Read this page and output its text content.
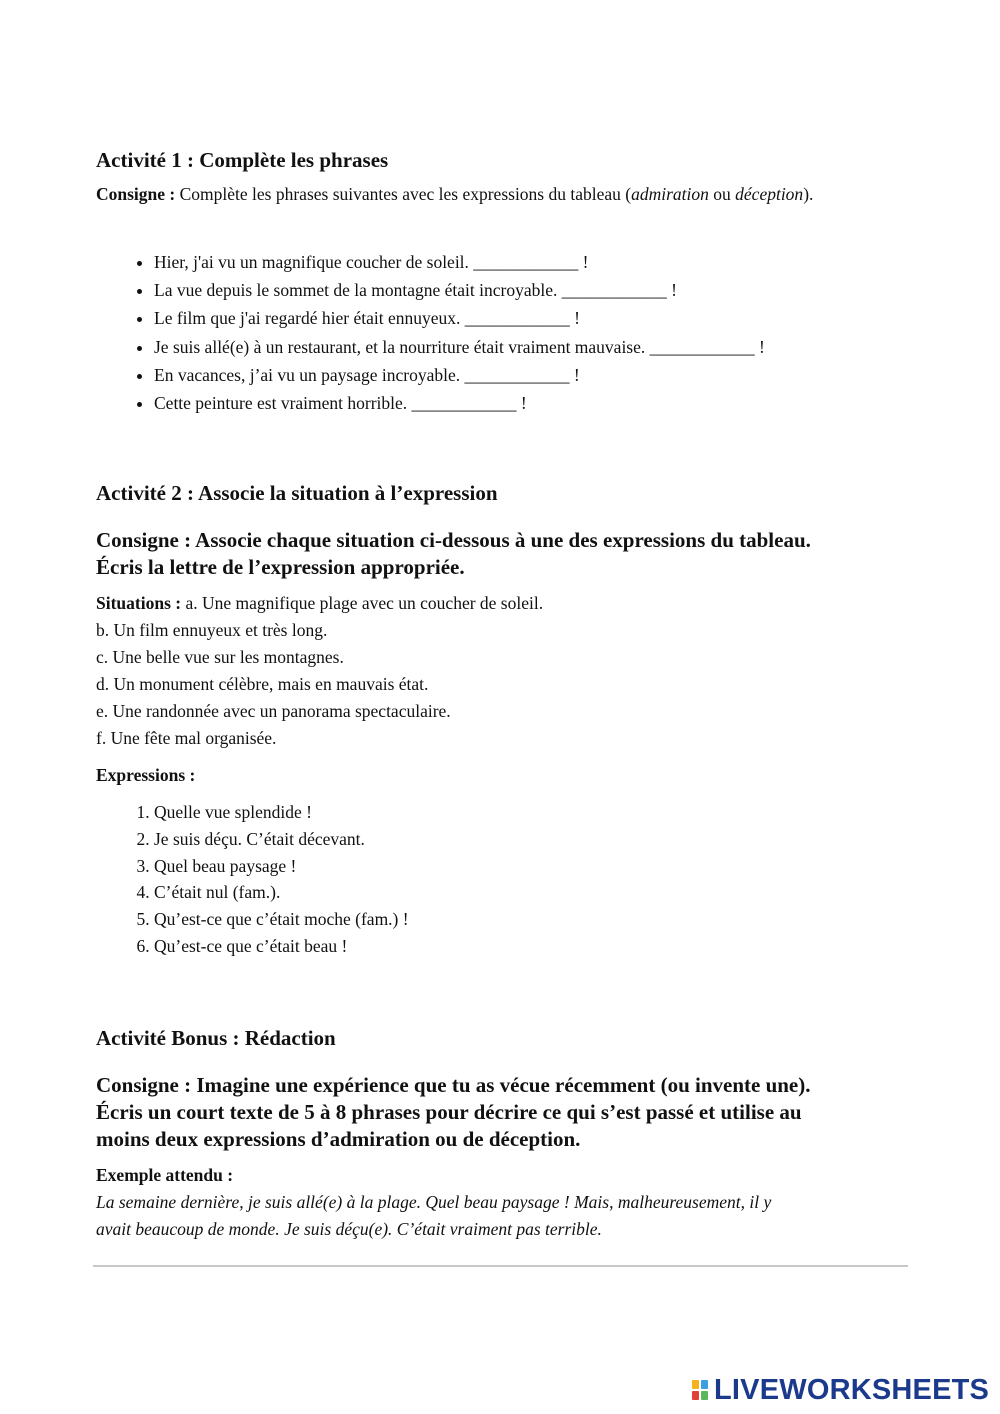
Activité 1 : Complète les phrases

Consigne : Complète les phrases suivantes avec les expressions du tableau (admiration ou déception).

• Hier, j'ai vu un magnifique coucher de soleil. ____________ !
• La vue depuis le sommet de la montagne était incroyable. ____________ !
• Le film que j'ai regardé hier était ennuyeux. ____________ !
• Je suis allé(e) à un restaurant, et la nourriture était vraiment mauvaise. ____________ !
• En vacances, j’ai vu un paysage incroyable. ____________ !
• Cette peinture est vraiment horrible. ____________ !
Activité 2 : Associe la situation à l’expression
Consigne : Associe chaque situation ci-dessous à une des expressions du tableau.
Écris la lettre de l’expression appropriée.

Situations : a. Une magnifique plage avec un coucher de soleil.

b. Un film ennuyeux et très long.

c. Une belle vue sur les montagnes.

d. Un monument célèbre, mais en mauvais état.

e. Une randonnée avec un panorama spectaculaire.

f. Une fête mal organisée.

Expressions :

1. Quelle vue splendide !
2. Je suis déçu. C’était décevant.
3. Quel beau paysage !
4. C’était nul (fam.).
5. Qu’est-ce que c’était moche (fam.) !
6. Qu’est-ce que c’était beau !
Activité Bonus : Rédaction
Consigne : Imagine une expérience que tu as vécue récemment (ou invente une).
Écris un court texte de 5 à 8 phrases pour décrire ce qui s’est passé et utilise au
moins deux expressions d’admiration ou de déception.

Exemple attendu :

La semaine dernière, je suis allé(e) à la plage. Quel beau paysage ! Mais, malheureusement, il y

avait beaucoup de monde. Je suis déçu(e). C’était vraiment pas terrible.

LIVEWORKSHEETS
